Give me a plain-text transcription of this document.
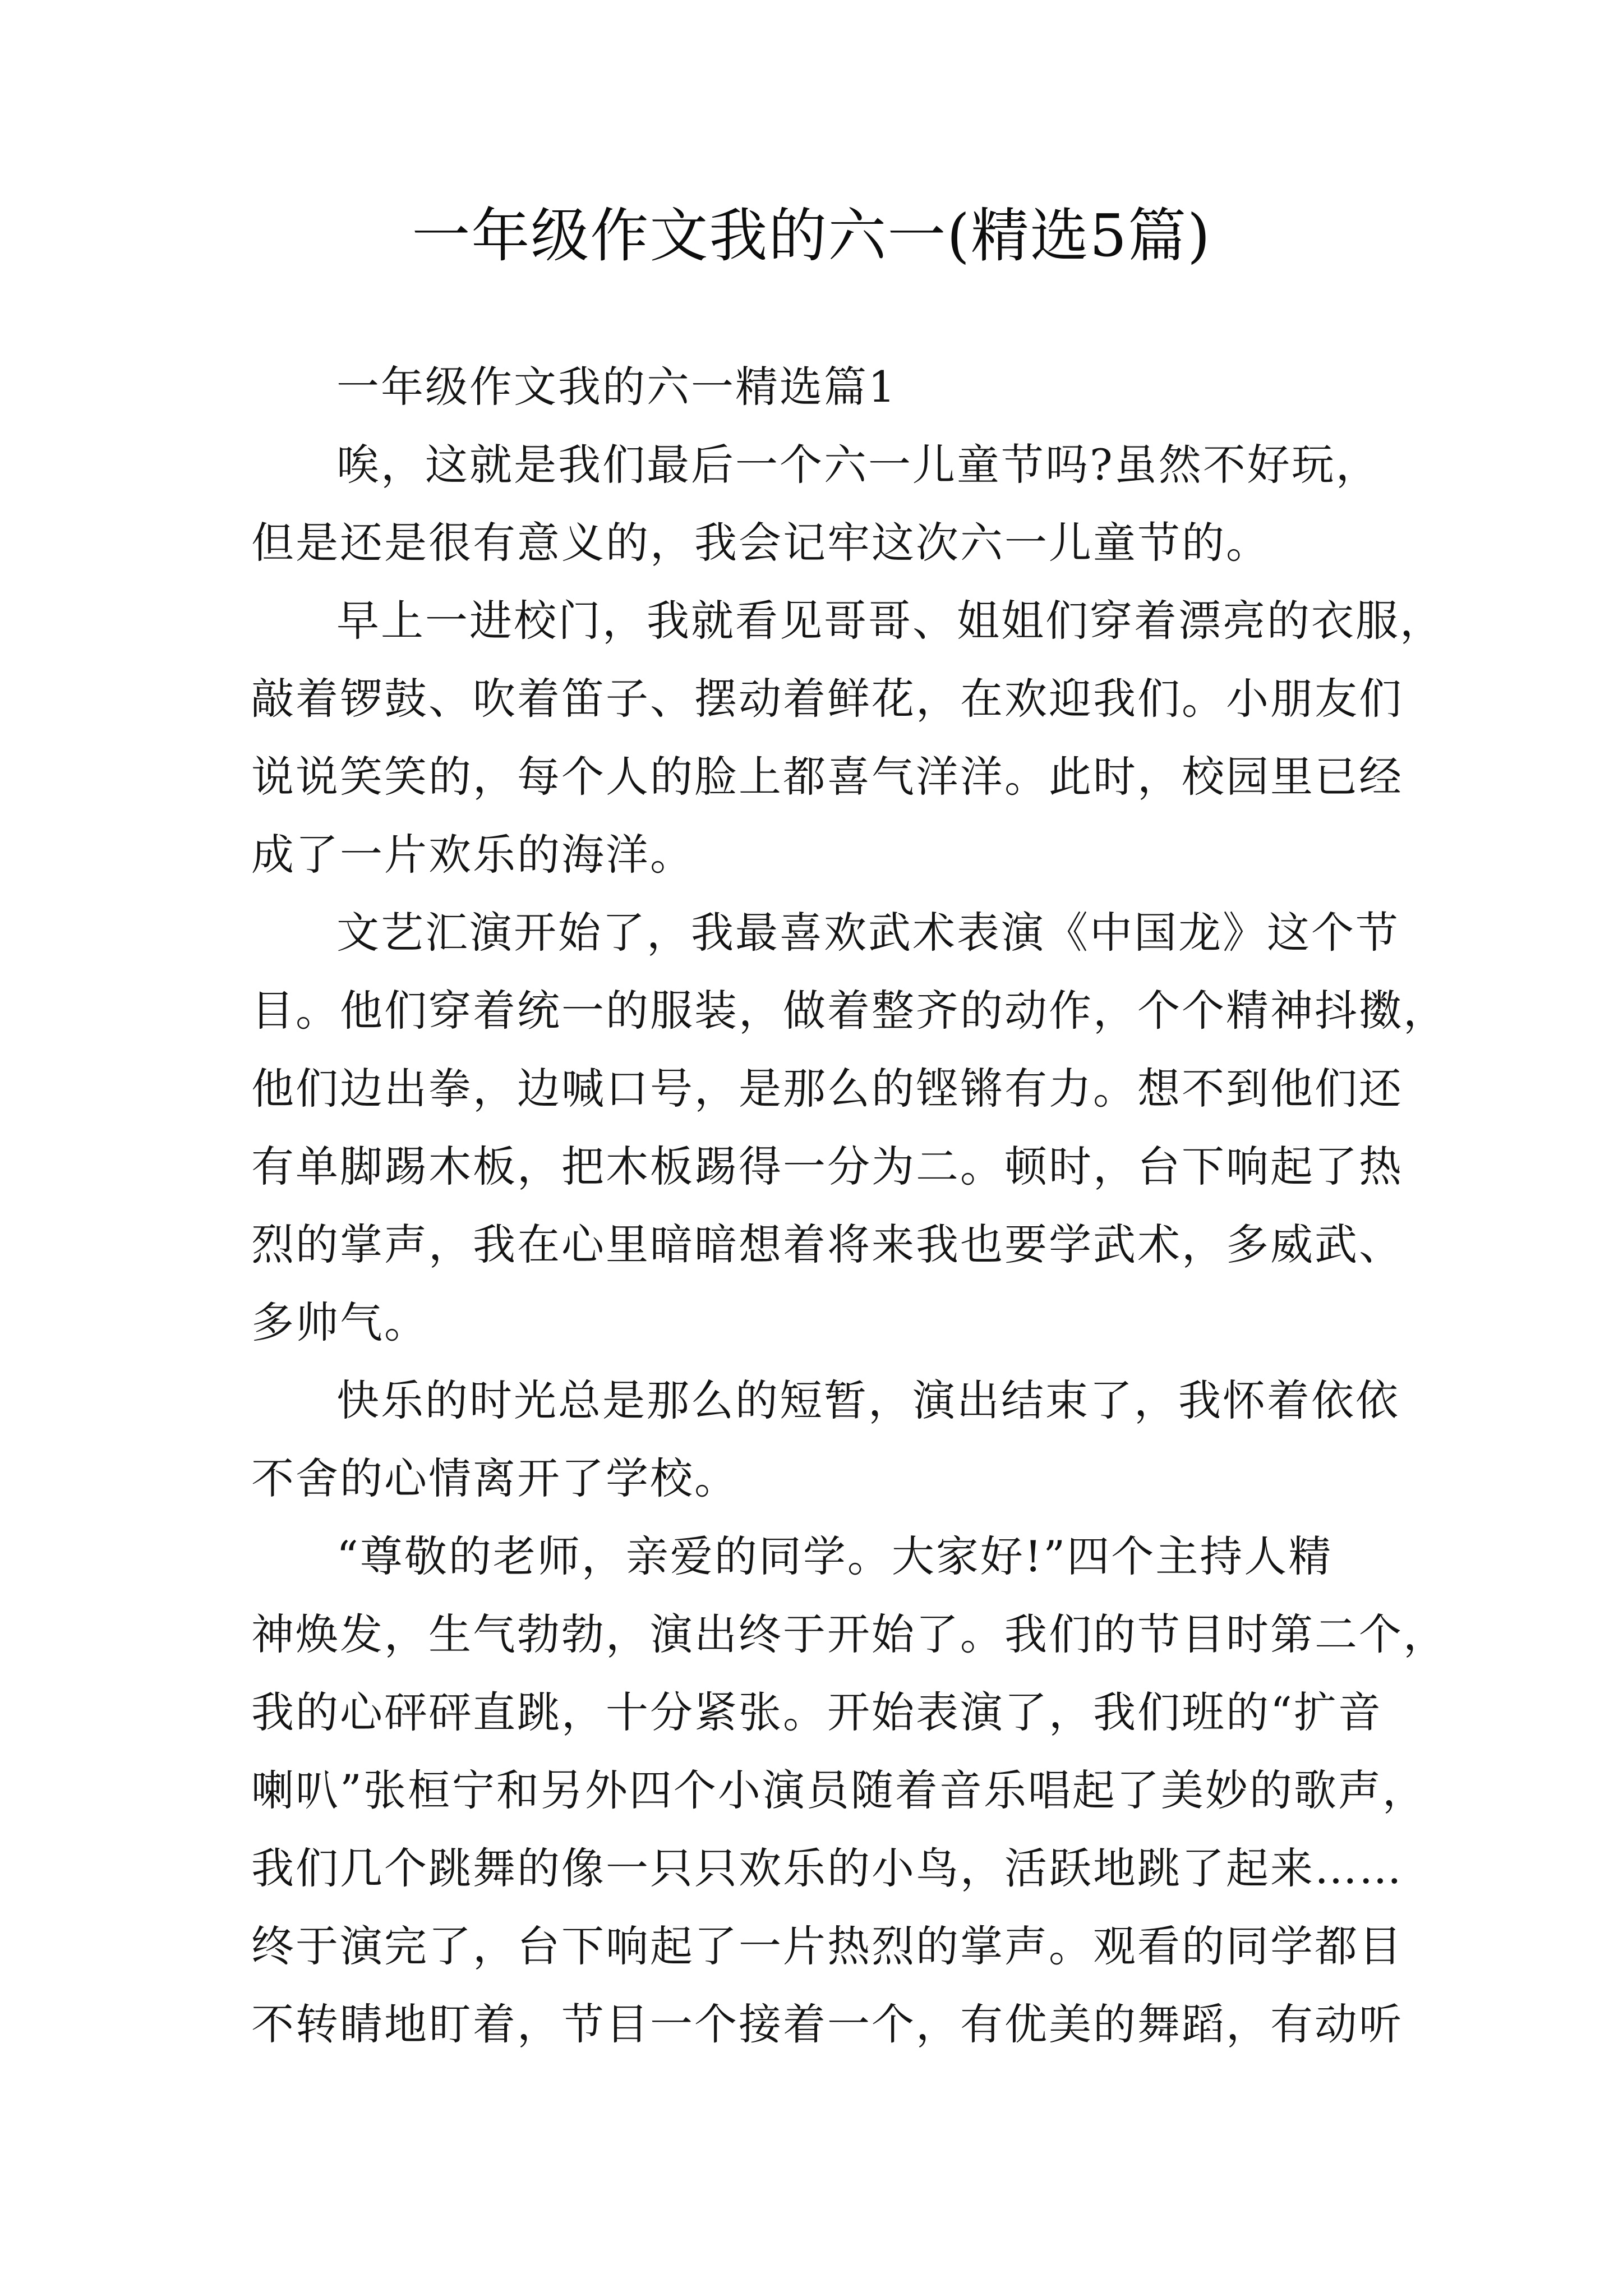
一年级作文我的六一(精选5篇)
一年级作文我的六一精选篇1
唉，这就是我们最后一个六一儿童节吗?虽然不好玩，
但是还是很有意义的，我会记牢这次六一儿童节的。
早上一进校门，我就看见哥哥、姐姐们穿着漂亮的衣服，
敲着锣鼓、吹着笛子、摆动着鲜花，在欢迎我们。小朋友们
说说笑笑的，每个人的脸上都喜气洋洋。此时，校园里已经
成了一片欢乐的海洋。
文艺汇演开始了，我最喜欢武术表演《中国龙》这个节
目。他们穿着统一的服装，做着整齐的动作，个个精神抖擞，
他们边出拳，边喊口号，是那么的铿锵有力。想不到他们还
有单脚踢木板，把木板踢得一分为二。顿时，台下响起了热
烈的掌声，我在心里暗暗想着将来我也要学武术，多威武、
多帅气。
快乐的时光总是那么的短暂，演出结束了，我怀着依依
不舍的心情离开了学校。
“尊敬的老师，亲爱的同学。大家好!”四个主持人精
神焕发，生气勃勃，演出终于开始了。我们的节目时第二个，
我的心砰砰直跳，十分紧张。开始表演了，我们班的“扩音
喇叭”张桓宁和另外四个小演员随着音乐唱起了美妙的歌声，
我们几个跳舞的像一只只欢乐的小鸟，活跃地跳了起来……
终于演完了，台下响起了一片热烈的掌声。观看的同学都目
不转睛地盯着，节目一个接着一个，有优美的舞蹈，有动听
